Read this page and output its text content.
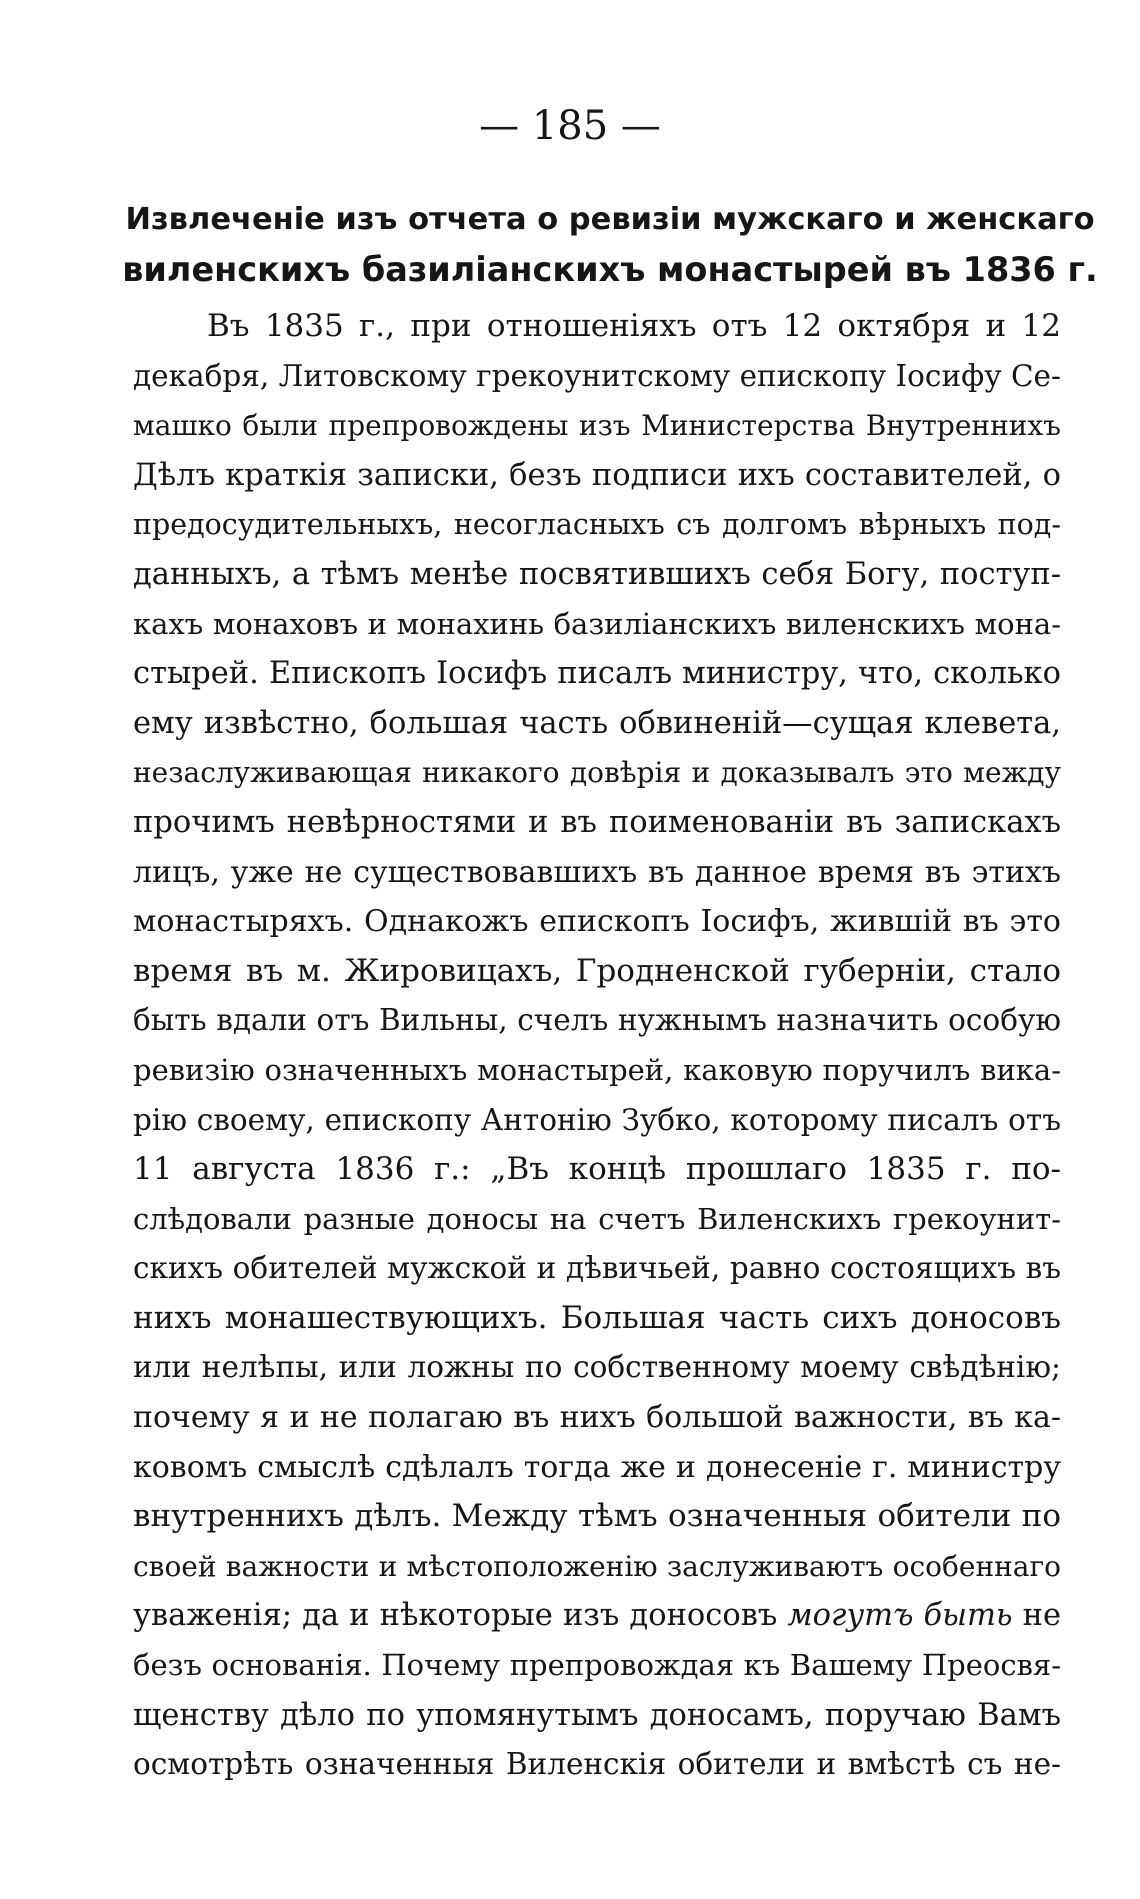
— 185 —
Извлеченіе изъ отчета о ревизіи мужскаго и женскаго
виленскихъ базиліанскихъ монастырей въ 1836 г.
Въ 1835 г., при отношеніяхъ отъ 12 октября и 12
декабря, Литовскому грекоунитскому епископу Іосифу Се-
машко были препровождены изъ Министерства Внутреннихъ
Дѣлъ краткія записки, безъ подписи ихъ составителей, о
предосудительныхъ, несогласныхъ съ долгомъ вѣрныхъ под-
данныхъ, а тѣмъ менѣе посвятившихъ себя Богу, поступ-
кахъ монаховъ и монахинь базиліанскихъ виленскихъ мона-
стырей. Епископъ Іосифъ писалъ министру, что, сколько
ему извѣстно, большая часть обвиненій—сущая клевета,
незаслуживающая никакого довѣрія и доказывалъ это между
прочимъ невѣрностями и въ поименованіи въ запискахъ
лицъ, уже не существовавшихъ въ данное время въ этихъ
монастыряхъ. Однакожъ епископъ Іосифъ, жившій въ это
время въ м. Жировицахъ, Гродненской губерніи, стало
быть вдали отъ Вильны, счелъ нужнымъ назначить особую
ревизію означенныхъ монастырей, каковую поручилъ вика-
рію своему, епископу Антонію Зубко, которому писалъ отъ
11 августа 1836 г.: „Въ концѣ прошлаго 1835 г. по-
слѣдовали разные доносы на счетъ Виленскихъ грекоунит-
скихъ обителей мужской и дѣвичьей, равно состоящихъ въ
нихъ монашествующихъ. Большая часть сихъ доносовъ
или нелѣпы, или ложны по собственному моему свѣдѣнію;
почему я и не полагаю въ нихъ большой важности, въ ка-
ковомъ смыслѣ сдѣлалъ тогда же и донесеніе г. министру
внутреннихъ дѣлъ. Между тѣмъ означенныя обители по
своей важности и мѣстоположенію заслуживаютъ особеннаго
уваженія; да и нѣкоторые изъ доносовъ могутъ быть не
безъ основанія. Почему препровождая къ Вашему Преосвя-
щенству дѣло по упомянутымъ доносамъ, поручаю Вамъ
осмотрѣть означенныя Виленскія обители и вмѣстѣ съ не-
